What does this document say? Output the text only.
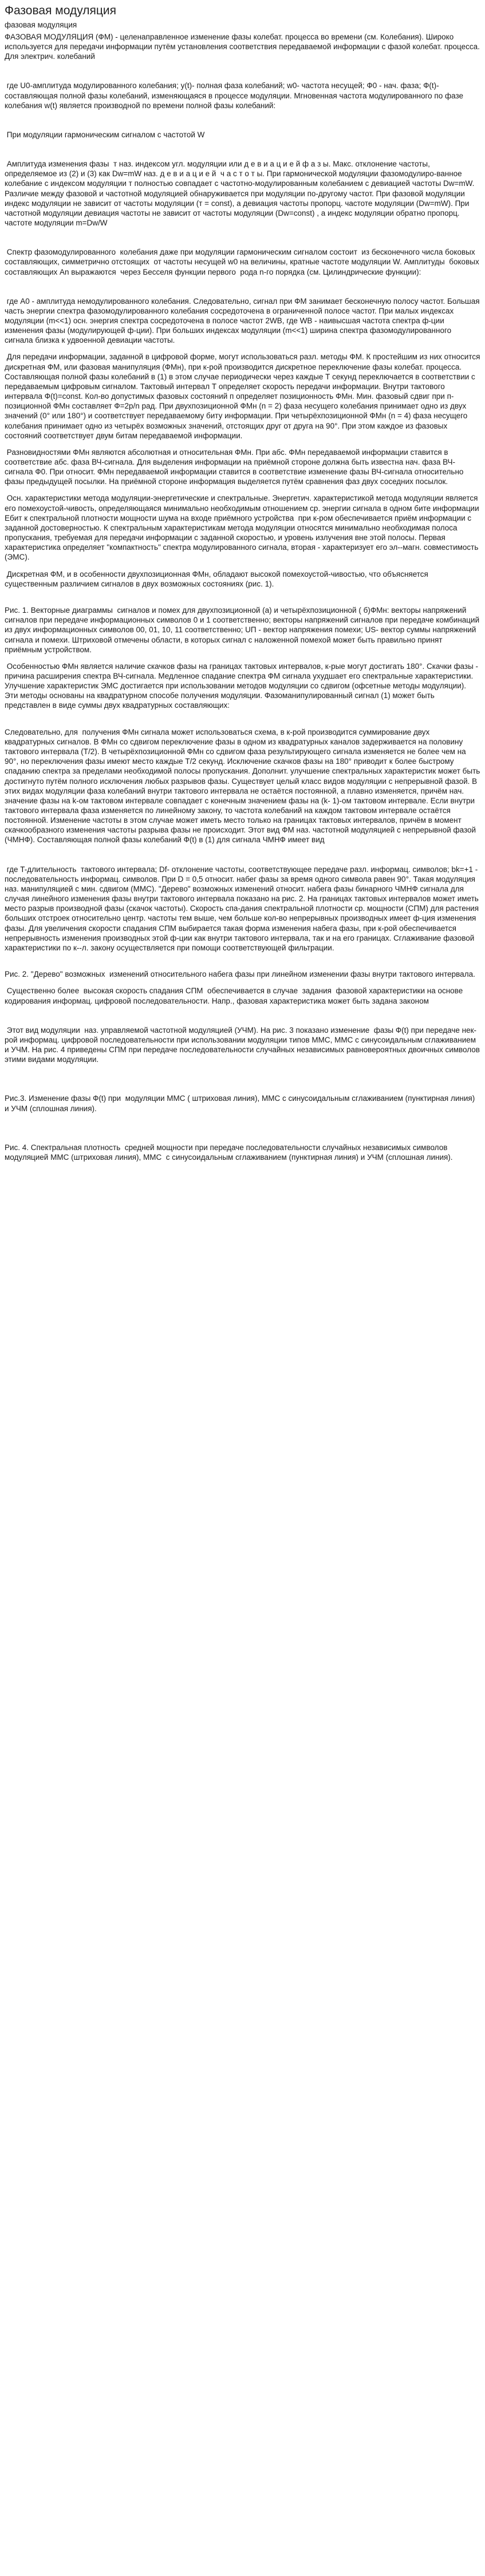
Фазовая модуляция
фазовая модуляция

ФАЗОВАЯ МОДУЛЯЦИЯ (ФМ) - целенаправленное изменение фазы колебат. процесса во времени (см. Колебания). Широко используется для передачи информации путём установления соответствия передаваемой информации с фазой колебат. процесса. Для электрич. колебаний

где U0-амплитуда модулированного колебания; y(t)- полная фаза колебаний; w0- частота несущей; Ф0 - нач. фаза; Ф(t)-составляющая полной фазы колебаний, изменяющаяся в процессе модуляции. Мгновенная частота модулированного по фазе колебания w(t) является производной по времени полной фазы колебаний:

При модуляции гармоническим сигналом с частотой W

Амплитуда изменения фазы  т наз. индексом угл. модуляции или д е в и а ц и е й ф а з ы. Макс. отклонение частоты, определяемое из (2) и (3) как Dw=mW наз. д е в и а ц и е й  ч а с т о т ы. При гармонической модуляции фазомодулиро-ванное колебание с индексом модуляции т полностью совпадает с частотно-модулированным колебанием с девиацией частоты Dw=mW. Различие между фазовой и частотной модуляцией обнаруживается при модуляции по-другому частот. При фазовой модуляции индекс модуляции не зависит от частоты модуляции (т = const), а девиация частоты пропорц. частоте модуляции (Dw=mW). При частотной модуляции девиация частоты не зависит от частоты модуляции (Dw=const) , а индекс модуляции обратно пропорц. частоте модуляции m=Dw/W

Спектр фазомодулированного  колебания даже при модуляции гармоническим сигналом состоит  из бесконечного числа боковых составляющих, симметрично отстоящих  от частоты несущей w0 на величины, кратные частоте модуляции W. Амплитуды  боковых составляющих An выражаются  через Бесселя функции первого  рода n-го порядка (см. Цилиндрические функции):

где А0 - амплитуда немодулированного колебания. Следовательно, сигнал при ФМ занимает бесконечную полосу частот. Большая часть энергии спектра фазомодулированного колебания сосредоточена в ограниченной полосе частот. При малых индексах модуляции (m<<1) осн. энергия спектра сосредоточена в полосе частот 2WB, где WB - наивысшая частота спектра ф-ции изменения фазы (модулирующей ф-ции). При больших индексах модуляции (m<<1) ширина спектра фазомодулированного сигнала близка к удвоенной девиации частоты.

Для передачи информации, заданной в цифровой форме, могут использоваться разл. методы ФМ. К простейшим из них относится дискретная ФМ, или фазовая манипуляция (ФМн), при к-рой производится дискретное переключение фазы колебат. процесса. Составляющая полной фазы колебаний в (1) в этом случае периодически через каждые Т секунд переключается в соответствии с передаваемым цифровым сигналом. Тактовый интервал Т определяет скорость передачи информации. Внутри тактового интервала Ф(t)=const. Кол-во допустимых фазовых состояний п определяет позиционность ФМн. Мин. фазовый сдвиг при п-позиционной ФМн составляет Ф=2p/n рад. При двухпозиционной ФМн (n = 2) фаза несущего колебания принимает одно из двух значений (0° или 180°) и соответствует передаваемому биту информации. При четырёхпозиционной ФМн (n = 4) фаза несущего колебания принимает одно из четырёх возможных значений, отстоящих друг от друга на 90°. При этом каждое из фазовых состояний соответствует двум битам передаваемой информации.

Разновидностями ФМн являются абсолютная и относительная ФМн. При абс. ФМн передаваемой информации ставится в соответствие абс. фаза ВЧ-сигнала. Для выделения информации на приёмной стороне должна быть известна нач. фаза ВЧ-сигнала Ф0. При относит. ФМн передаваемой информации ставится в соответствие изменение фазы ВЧ-сигнала относительно фазы предыдущей посылки. На приёмной стороне информация выделяется путём сравнения фаз двух соседних посылок.

Осн. характеристики метода модуляции-энергетические и спектральные. Энергетич. характеристикой метода модуляции является его помехоустой-чивость, определяющаяся минимально необходимым отношением ср. энергии сигнала в одном бите информации Eбит к спектральной плотности мощности шума на входе приёмного устройства  при к-ром обеспечивается приём информации с заданной достоверностью. К спектральным характеристикам метода модуляции относятся минимально необходимая полоса пропускания, требуемая для передачи информации с заданной скоростью, и уровень излучения вне этой полосы. Первая характеристика определяет "компактность" спектра модулированного сигнала, вторая - характеризует его эл--магн. совместимость (ЭМС).

Дискретная ФМ, и в особенности двухпозиционная ФМн, обладают высокой помехоустой-чивостью, что объясняется существенным различием сигналов в двух возможных состояниях (рис. 1).

Рис. 1. Векторные диаграммы  сигналов и помех для двухпозиционной (а) и четырёхпозиционной ( б)ФМн: векторы напряжений сигналов при передаче информационных символов 0 и 1 соответственно; векторы напряжений сигналов при передаче комбинаций из двух информационных символов 00, 01, 10, 11 соответственно; UП - вектор напряжения помехи; US- вектор суммы напряжений сигнала и помехи. Штриховой отмечены области, в которых сигнал с наложенной помехой может быть правильно принят приёмным устройством.

Особенностью ФМн является наличие скачков фазы на границах тактовых интервалов, к-рые могут достигать 180°. Скачки фазы - причина расширения спектра ВЧ-сигнала. Медленное спадание спектра ФМ сигнала ухудшает его спектральные характеристики. Улучшение характеристик ЭМС достигается при использовании методов модуляции со сдвигом (офсетные методы модуляции). Эти методы основаны на квадратурном способе получения модуляции. Фазоманипулированный сигнал (1) может быть представлен в виде суммы двух квадратурных составляющих:

Следовательно, для  получения ФМн сигнала может использоваться схема, в к-рой производится суммирование двух квадратурных сигналов. В ФМн со сдвигом переключение фазы в одном из квадратурных каналов задерживается на половину тактового интервала (Т/2). В четырёхпозиционной ФМн со сдвигом фаза результирующего сигнала изменяется не более чем на 90°, но переключения фазы имеют место каждые Т/2 секунд. Исключение скачков фазы на 180° приводит к более быстрому спаданию спектра за пределами необходимой полосы пропускания. Дополнит. улучшение спектральных характеристик может быть достигнуто путём полного исключения любых разрывов фазы. Существует целый класс видов модуляции с непрерывной фазой. В этих видах модуляции фаза колебаний внутри тактового интервала не остаётся постоянной, а плавно изменяется, причём нач. значение фазы на k-ом тактовом интервале совпадает с конечным значением фазы на (k- 1)-ом тактовом интервале. Если внутри тактового интервала фаза изменяется по линейному закону, то частота колебаний на каждом тактовом интервале остаётся постоянной. Изменение частоты в этом случае может иметь место только на границах тактовых интервалов, причём в момент скачкообразного изменения частоты разрыва фазы не происходит. Этот вид ФМ наз. частотной модуляцией с непрерывной фазой (ЧМНФ). Составляющая полной фазы колебаний Ф(t) в (1) для сигнала ЧМНФ имеет вид

где T-длительность  тактового интервала; Df- отклонение частоты, соответствующее передаче разл. информац. символов; bk=+1 - последовательность информац. символов. При D = 0,5 относит. набег фазы за время одного символа равен 90°. Такая модуляция наз. манипуляцией с мин. сдвигом (ММС). "Дерево" возможных изменений относит. набега фазы бинарного ЧМНФ сигнала для случая линейного изменения фазы внутри тактового интервала показано на рис. 2. На границах тактовых интервалов может иметь место разрыв производной фазы (скачок частоты). Скорость спа-дания спектральной плотности ср. мощности (СПМ) для растения больших отстроек относительно центр. частоты тем выше, чем больше кол-во непрерывных производных имеет ф-ция изменения фазы. Для увеличения скорости спадания СПМ выбирается такая форма изменения набега фазы, при к-рой обеспечивается непрерывность изменения производных этой ф-ции как внутри тактового интервала, так и на его границах. Сглаживание фазовой характеристики по к--л. закону осуществляется при помощи соответствующей фильтрации.

Рис. 2. "Дерево" возможных  изменений относительного набега фазы при линейном изменении фазы внутри тактового интервала.

Существенно более  высокая скорость спадания СПМ  обеспечивается в случае  задания  фазовой характеристики на основе  кодирования информац. цифровой последовательности. Напр., фазовая характеристика может быть задана законом

Этот вид модуляции  наз. управляемой частотной модуляцией (УЧМ). На рис. 3 показано изменение  фазы Ф(t) при передаче нек-рой информац. цифровой последовательности при использовании модуляции типов ММС, ММС с синусоидальным сглаживанием и УЧМ. На рис. 4 приведены СПМ при передаче последовательности случайных независимых равновероятных двоичных символов этими видами модуляции.

Рис.3. Изменение фазы Ф(t) при  модуляции ММС ( штриховая линия), ММС с синусоидальным сглаживанием (пунктирная линия) и УЧМ (сплошная линия).

Рис. 4. Спектральная плотность  средней мощности при передаче последовательности случайных независимых символов модуляцией ММС (штриховая линия), ММС  с синусоидальным сглаживанием (пунктирная линия) и УЧМ (сплошная линия).
